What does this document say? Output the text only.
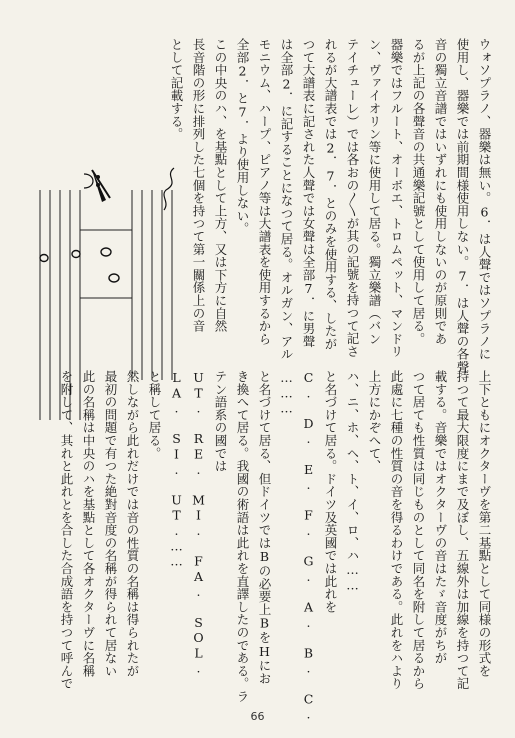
ウォソプラノ、器樂は無い。6．は人聲ではソプラノに

使用し、器樂では前期間様使用しない。7．は人聲の各聲

音の獨立音譜ではいずれにも使用しないのが原則であ

るが上記の各聲音の共通樂記號として使用して居る。

器樂ではフルート、オーボエ、トロムペット、マンドリ

ン、ヴァイオリン等に使用して居る。獨立樂譜（バン

テイチューレ）では各おの〳〵が其の記號を持つて記さ

れるが大譜表では2．7．とのみを使用する、したが

つて大譜表に記された人聲では女聲は全部7．に男聲

は全部2．に記することになつて居る。オルガン、アル

モニウム、ハープ、ピアノ等は大譜表を使用するから

全部2．と7．より使用しない。

この中央のハ、を基點として上方、又は下方に自然

長音階の形に排列した七個を持つて第一關係上の音

として記載する。

上下ともにオクターヴを第二基點として同様の形式を

持つて最大限度にまで及ぼし、五線外は加線を持つて記

載する。音樂ではオクターヴの音はたゞ音度がちが

つて居ても性質は同じものとして同名を附して居るから

此處に七種の性質の音を得るわけである。此れをハより

上方にかぞへて、

ハ、ニ、ホ、ヘ、ト、イ、ロ、ハ……

と名づけて居る。ドイツ及英國では此れを

C. D. E. F. G. A. B. C. ………

と名づけて居る、但ドイツではBの必要上BをHにお

き換へて居る。我國の術語は此れを直譯したのである。ラ

テン語系の國では

UT. RE. MI. FA. SOL. LA. SI. UT.……

と稱して居る。

然しながら此れだけでは音の性質の名稱は得られたが

最初の問題で有つた絶對音度の名稱が得られて居ない

此の名稱は中央のハを基點として各オクターヴに名稱

を附して、其れと此れとを合した合成語を持つて呼んで

66
